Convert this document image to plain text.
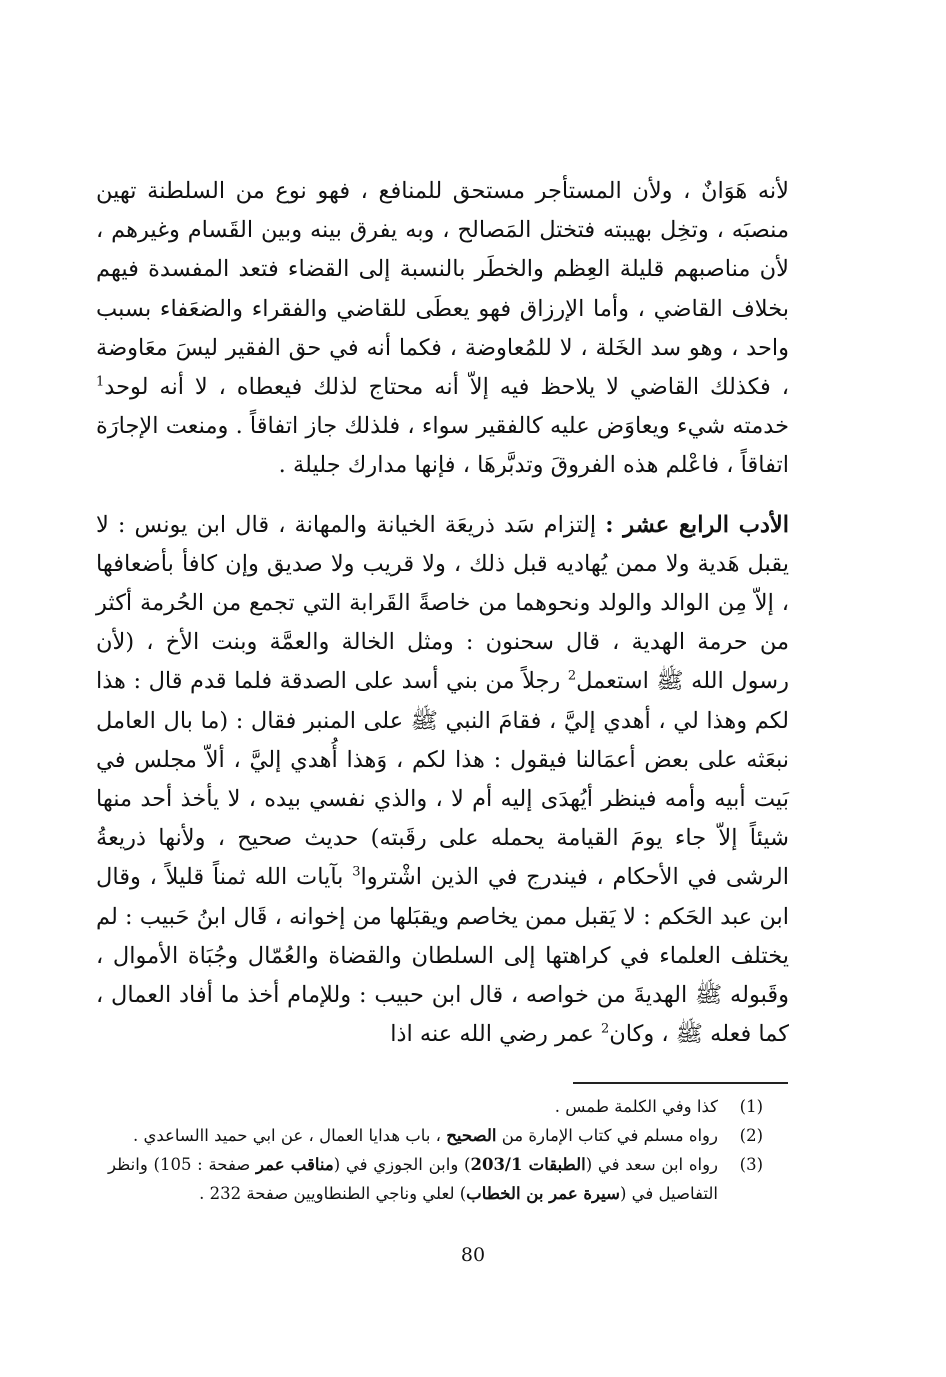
لأنه هَوَانٌ ، ولأن المستأجر مستحق للمنافع ، فهو نوع من السلطنة تهين منصبَه ، وتخِل بهيبته فتختل المَصالح ، وبه يفرق بينه وبين القَسام وغيرهم ، لأن مناصبهم قليلة العِظم والخطَر بالنسبة إلى القضاء فتعد المفسدة فيهم بخلاف القاضي ، وأما الإرزاق فهو يعطَى للقاضي والفقراء والضعَفاء بسبب واحد ، وهو سد الخَلة ، لا للمُعاوضة ، فكما أنه في حق الفقير ليسَ معَاوضة ، فكذلك القاضي لا يلاحظ فيه إلاّ أنه محتاج لذلك فيعطاه ، لا أنه لوحد$^1$ خدمته شيء ويعاوَض عليه كالفقير سواء ، فلذلك جاز اتفاقاً . ومنعت الإجارَة اتفاقاً ، فاعْلم هذه الفروقَ وتدبَّرهَا ، فإنها مدارك جليلة .

الأدب الرابع عشر : إلتزام سَد ذريعَة الخيانة والمهانة ، قال ابن يونس : لا يقبل هَدية ولا ممن يُهاديه قبل ذلك ، ولا قريب ولا صديق وإن كافأ بأضعافها ، إلاّ مِن الوالد والولد ونحوهما من خاصةً القَرابة التي تجمع من الحُرمة أكثر من حرمة الهدية ، قال سحنون : ومثل الخالة والعمَّة وبنت الأخ ، (لأن رسول الله ﷺ استعمل$^2$ رجلاً من بني أسد على الصدقة فلما قدم قال : هذا لكم وهذا لي ، أهدي إليَّ ، فقامَ النبي ﷺ على المنبر فقال : (ما بال العامل نبعَثه على بعض أعمَالنا فيقول : هذا لكم ، وَهذا أُهدي إليَّ ، ألاّ مجلس في بَيت أبيه وأمه فينظر أيُهدَى إليه أم لا ، والذي نفسي بيده ، لا يأخذ أحد منها شيئاً إلاّ جاء يومَ القيامة يحمله على رقَبته) حديث صحيح ، ولأنها ذريعةُ الرشى في الأحكام ، فيندرج في الذين اشْتروا$^3$ بآيات الله ثمناً قليلاً ، وقال ابن عبد الحَكم : لا يَقبل ممن يخاصم ويقبَلها من إخوانه ، قَال ابنُ حَبيب : لم يختلف العلماء في كراهتها إلى السلطان والقضاة والعُمّال وجُبَاة الأموال ، وقَبوله ﷺ الهديةَ من خواصه ، قال ابن حبيب : وللإمام أخذ ما أفاد العمال ، كما فعله ﷺ ، وكان$^2$ عمر رضي الله عنه اذا

(1)
كذا وفي الكلمة طمس .
(2)
رواه مسلم في كتاب الإمارة من الصحيح ، باب هدايا العمال ، عن ابي حميد االساعدي .
(3)
رواه ابن سعد في (الطبقات 203/1) وابن الجوزي في (مناقب عمر صفحة : 105) وانظر التفاصيل في (سيرة عمر بن الخطاب) لعلي وناجي الطنطاويين صفحة 232 .
80
